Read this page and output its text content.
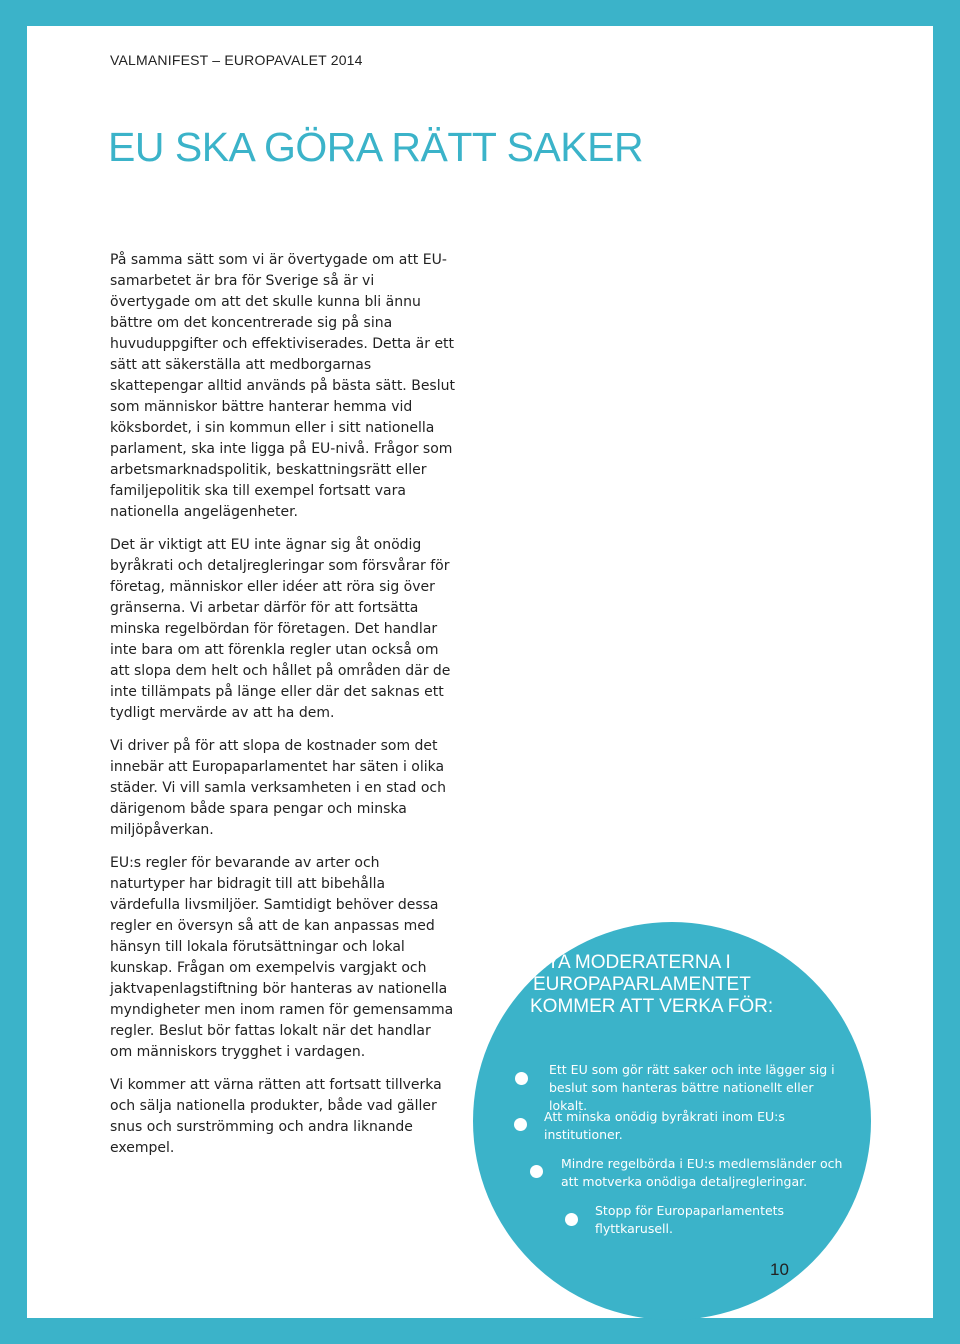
VALMANIFEST – EUROPAVALET 2014
EU SKA GÖRA RÄTT SAKER

På samma sätt som vi är övertygade om att EU-samarbetet är bra för Sverige så är vi övertygade om att det skulle kunna bli ännu bättre om det koncentrerade sig på sina huvuduppgifter och effektiviserades. Detta är ett sätt att säkerställa att medborgarnas skattepengar alltid används på bästa sätt. Beslut som människor bättre hanterar hemma vid köksbordet, i sin kommun eller i sitt nationella parlament, ska inte ligga på EU-nivå. Frågor som arbetsmarknadspolitik, beskattningsrätt eller familjepolitik ska till exempel fortsatt vara nationella angelägenheter.

Det är viktigt att EU inte ägnar sig åt onödig byråkrati och detaljregleringar som försvårar för företag, människor eller idéer att röra sig över gränserna. Vi arbetar därför för att fortsätta minska regelbördan för företagen. Det handlar inte bara om att förenkla regler utan också om att slopa dem helt och hållet på områden där de inte tillämpats på länge eller där det saknas ett tydligt mervärde av att ha dem.

Vi driver på för att slopa de kostnader som det innebär att Europaparlamentet har säten i olika städer. Vi vill samla verksamheten i en stad och därigenom både spara pengar och minska miljöpåverkan.

EU:s regler för bevarande av arter och naturtyper har bidragit till att bibehålla värdefulla livsmiljöer. Samtidigt behöver dessa regler en översyn så att de kan anpassas med hänsyn till lokala förutsättningar och lokal kunskap. Frågan om exempelvis vargjakt och jaktvapenlagstiftning bör hanteras av nationella myndigheter men inom ramen för gemensamma regler. Beslut bör fattas lokalt när det handlar om människors trygghet i vardagen.

Vi kommer att värna rätten att fortsatt tillverka och sälja nationella produkter, både vad gäller snus och surströmming och andra liknande exempel.

NYA MODERATERNA I
EUROPAPARLAMENTET
KOMMER ATT VERKA FÖR:
Ett EU som gör rätt saker och inte lägger sig i beslut som hanteras bättre nationellt eller lokalt.
Att minska onödig byråkrati inom EU:s institutioner.
Mindre regelbörda i EU:s medlemsländer och att motverka onödiga detaljregleringar.
Stopp för Europaparlamentets flyttkarusell.
10
